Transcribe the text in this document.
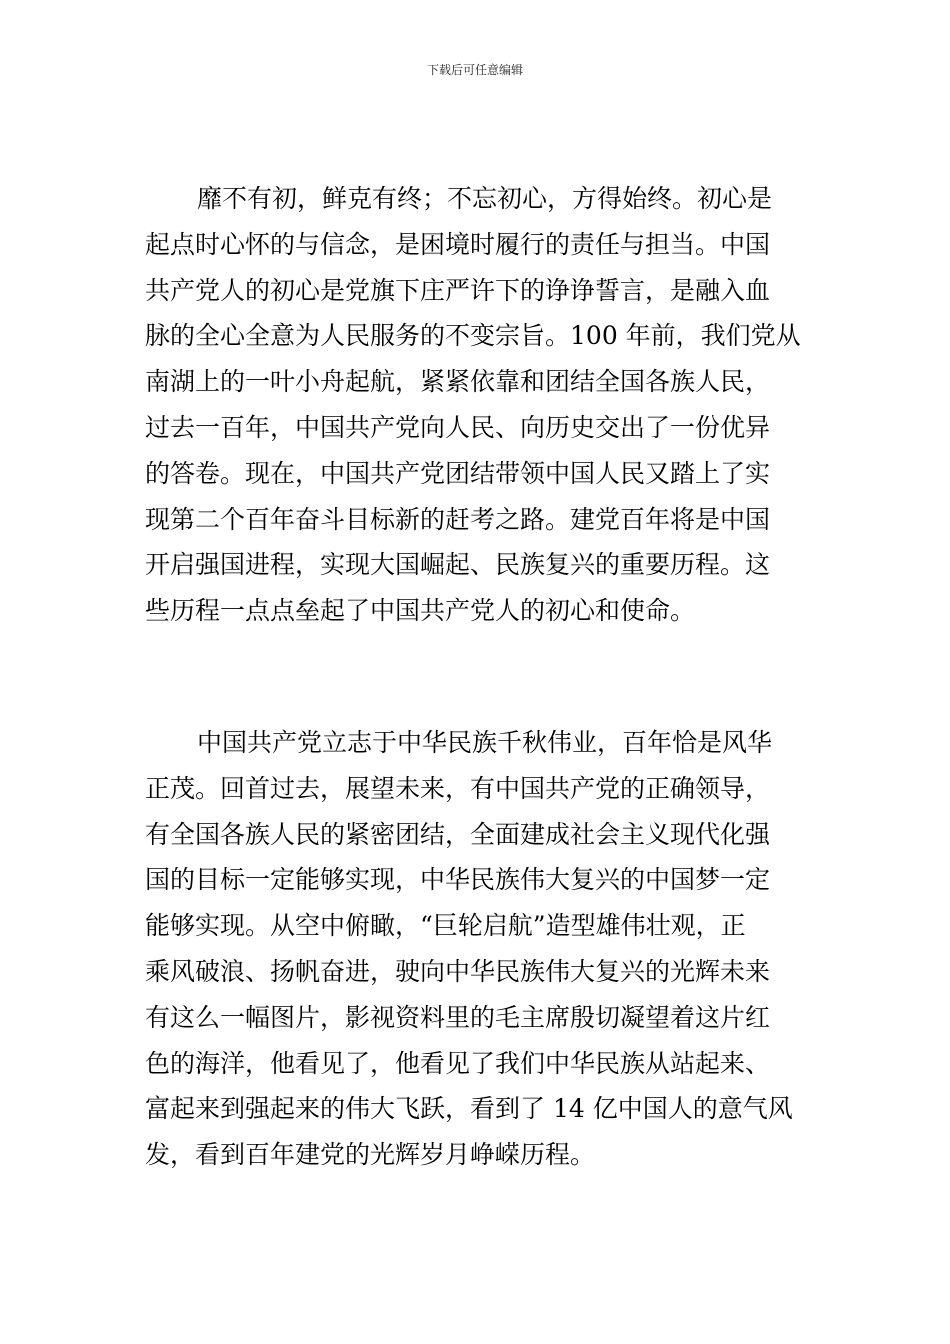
下载后可任意编辑
靡不有初，鲜克有终；不忘初心，方得始终。初心是
起点时心怀的与信念，是困境时履行的责任与担当。中国
共产党人的初心是党旗下庄严许下的诤诤誓言，是融入血
脉的全心全意为人民服务的不变宗旨。100 年前，我们党从
南湖上的一叶小舟起航，紧紧依靠和团结全国各族人民，
过去一百年，中国共产党向人民、向历史交出了一份优异
的答卷。现在，中国共产党团结带领中国人民又踏上了实
现第二个百年奋斗目标新的赶考之路。建党百年将是中国
开启强国进程，实现大国崛起、民族复兴的重要历程。这
些历程一点点垒起了中国共产党人的初心和使命。
中国共产党立志于中华民族千秋伟业，百年恰是风华
正茂。回首过去，展望未来，有中国共产党的正确领导，
有全国各族人民的紧密团结，全面建成社会主义现代化强
国的目标一定能够实现，中华民族伟大复兴的中国梦一定
能够实现。从空中俯瞰，“巨轮启航”造型雄伟壮观，正
乘风破浪、扬帆奋进，驶向中华民族伟大复兴的光辉未来
有这么一幅图片，影视资料里的毛主席殷切凝望着这片红
色的海洋，他看见了，他看见了我们中华民族从站起来、
富起来到强起来的伟大飞跃，看到了 14 亿中国人的意气风
发，看到百年建党的光辉岁月峥嵘历程。
